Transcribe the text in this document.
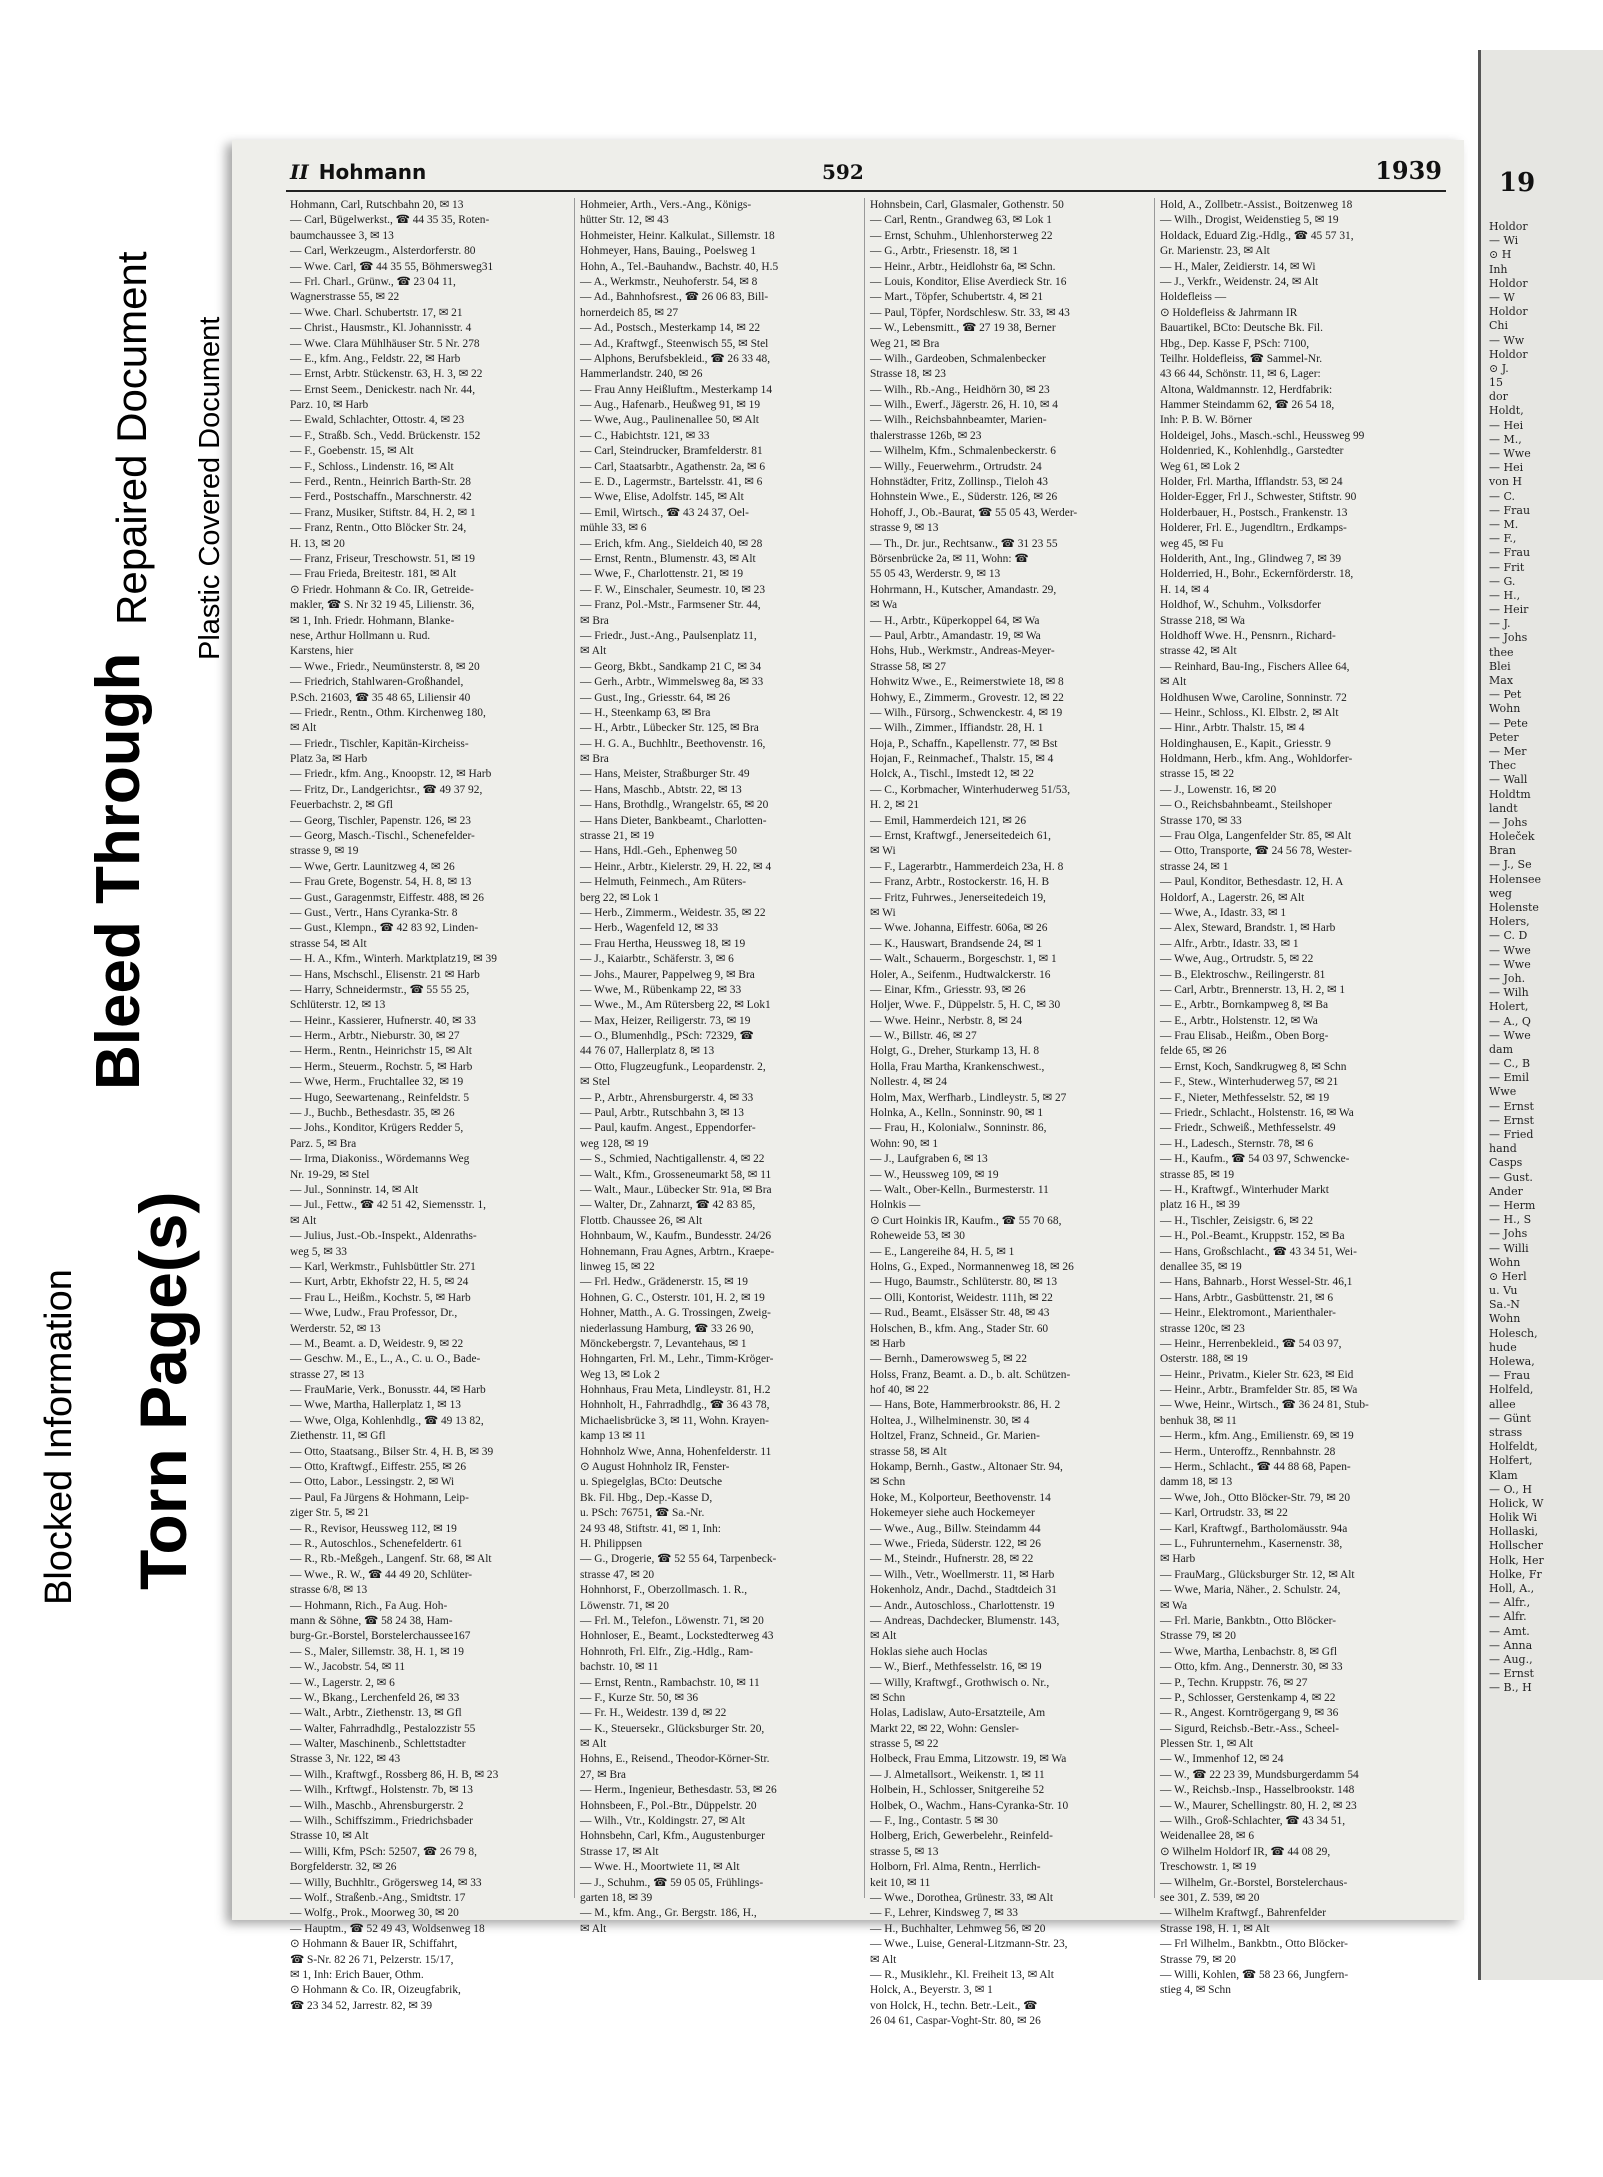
19
Holdor
— Wi
⊙ H
Inh
Holdor
— W
Holdor
Chi
— Ww
Holdor
⊙ J.
15
dor
Holdt,
— Hei
— M.,
— Wwe
— Hei
von H
— C.
— Frau
— M.
— F.,
— Frau
— Frit
— G.
— H.,
— Heir
— J.
— Johs
thee
Blei
Max
— Pet
Wohn
— Pete
Peter
— Mer
Thec
— Wall
Holdtm
landt
— Johs
Holeček
Bran
— J., Se
Holensee
weg
Holenste
Holers,
— C. D
— Wwe
— Wwe
— Joh.
— Wilh
Holert,
— A., Q
— Wwe
dam
— C., B
— Emil
Wwe
— Ernst
— Ernst
— Fried
hand
Casps
— Gust.
Ander
— Herm
— H., S
— Johs
— Willi
Wohn
⊙ Herl
u. Vu
Sa.-N
Wohn
Holesch,
hude
Holewa,
— Frau
Holfeld,
allee
— Günt
strass
Holfeldt,
Holfert,
Klam
— O., H
Holick, W
Holik Wi
Hollaski,
Hollscher
Holk, Her
Holke, Fr
Holl, A.,
— Alfr.,
— Alfr.
— Amt.
— Anna
— Aug.,
— Ernst
— B., H
II Hohmann	592	1939
Hohmann, Carl, Rutschbahn 20, ✉ 13
— Carl, Bügelwerkst., ☎ 44 35 35, Roten-
baumchaussee 3, ✉ 13
— Carl, Werkzeugm., Alsterdorferstr. 80
— Wwe. Carl, ☎ 44 35 55, Böhmersweg31
— Frl. Charl., Grünw., ☎ 23 04 11,
Wagnerstrasse 55, ✉ 22
— Wwe. Charl. Schubertstr. 17, ✉ 21
— Christ., Hausmstr., Kl. Johannisstr. 4
— Wwe. Clara Mühlhäuser Str. 5 Nr. 278
— E., kfm. Ang., Feldstr. 22, ✉ Harb
— Ernst, Arbtr. Stückenstr. 63, H. 3, ✉ 22
— Ernst Seem., Denickestr. nach Nr. 44,
Parz. 10, ✉ Harb
— Ewald, Schlachter, Ottostr. 4, ✉ 23
— F., Straßb. Sch., Vedd. Brückenstr. 152
— F., Goebenstr. 15, ✉ Alt
— F., Schloss., Lindenstr. 16, ✉ Alt
— Ferd., Rentn., Heinrich Barth-Str. 28
— Ferd., Postschaffn., Marschnerstr. 42
— Franz, Musiker, Stiftstr. 84, H. 2, ✉ 1
— Franz, Rentn., Otto Blöcker Str. 24,
H. 13, ✉ 20
— Franz, Friseur, Treschowstr. 51, ✉ 19
— Frau Frieda, Breitestr. 181, ✉ Alt
⊙ Friedr. Hohmann & Co. IR, Getreide-
makler, ☎ S. Nr 32 19 45, Lilienstr. 36,
✉ 1, Inh. Friedr. Hohmann, Blanke-
nese, Arthur Hollmann u. Rud.
Karstens, hier
— Wwe., Friedr., Neumünsterstr. 8, ✉ 20
— Friedrich, Stahlwaren-Großhandel,
P.Sch. 21603, ☎ 35 48 65, Liliensir 40
— Friedr., Rentn., Othm. Kirchenweg 180,
✉ Alt
— Friedr., Tischler, Kapitän-Kircheiss-
Platz 3a, ✉ Harb
— Friedr., kfm. Ang., Knoopstr. 12, ✉ Harb
— Fritz, Dr., Landgerichtsr., ☎ 49 37 92,
Feuerbachstr. 2, ✉ Gfl
— Georg, Tischler, Papenstr. 126, ✉ 23
— Georg, Masch.-Tischl., Schenefelder-
strasse 9, ✉ 19
— Wwe, Gertr. Launitzweg 4, ✉ 26
— Frau Grete, Bogenstr. 54, H. 8, ✉ 13
— Gust., Garagenmstr, Eiffestr. 488, ✉ 26
— Gust., Vertr., Hans Cyranka-Str. 8
— Gust., Klempn., ☎ 42 83 92, Linden-
strasse 54, ✉ Alt
— H. A., Kfm., Winterh. Marktplatz19, ✉ 39
— Hans, Mschschl., Elisenstr. 21 ✉ Harb
— Harry, Schneidermstr., ☎ 55 55 25,
Schlüterstr. 12, ✉ 13
— Heinr., Kassierer, Hufnerstr. 40, ✉ 33
— Herm., Arbtr., Nieburstr. 30, ✉ 27
— Herm., Rentn., Heinrichstr 15, ✉ Alt
— Herm., Steuerm., Rochstr. 5, ✉ Harb
— Wwe, Herm., Fruchtallee 32, ✉ 19
— Hugo, Seewartenang., Reinfeldstr. 5
— J., Buchb., Bethesdastr. 35, ✉ 26
— Johs., Konditor, Krügers Redder 5,
Parz. 5, ✉ Bra
— Irma, Diakoniss., Wördemanns Weg
Nr. 19-29, ✉ Stel
— Jul., Sonninstr. 14, ✉ Alt
— Jul., Fettw., ☎ 42 51 42, Siemensstr. 1,
✉ Alt
— Julius, Just.-Ob.-Inspekt., Aldenraths-
weg 5, ✉ 33
— Karl, Werkmstr., Fuhlsbüttler Str. 271
— Kurt, Arbtr, Ekhofstr 22, H. 5, ✉ 24
— Frau L., Heißm., Kochstr. 5, ✉ Harb
— Wwe, Ludw., Frau Professor, Dr.,
Werderstr. 52, ✉ 13
— M., Beamt. a. D, Weidestr. 9, ✉ 22
— Geschw. M., E., L., A., C. u. O., Bade-
strasse 27, ✉ 13
— FrauMarie, Verk., Bonusstr. 44, ✉ Harb
— Wwe, Martha, Hallerplatz 1, ✉ 13
— Wwe, Olga, Kohlenhdlg., ☎ 49 13 82,
Ziethenstr. 11, ✉ Gfl
— Otto, Staatsang., Bilser Str. 4, H. B, ✉ 39
— Otto, Kraftwgf., Eiffestr. 255, ✉ 26
— Otto, Labor., Lessingstr. 2, ✉ Wi
— Paul, Fa Jürgens & Hohmann, Leip-
ziger Str. 5, ✉ 21
— R., Revisor, Heussweg 112, ✉ 19
— R., Autoschlos., Schenefeldertr. 61
— R., Rb.-Meßgeh., Langenf. Str. 68, ✉ Alt
— Wwe., R. W., ☎ 44 49 20, Schlüter-
strasse 6/8, ✉ 13
— Hohmann, Rich., Fa Aug. Hoh-
mann & Söhne, ☎ 58 24 38, Ham-
burg-Gr.-Borstel, Borstelerchaussee167
— S., Maler, Sillemstr. 38, H. 1, ✉ 19
— W., Jacobstr. 54, ✉ 11
— W., Lagerstr. 2, ✉ 6
— W., Bkang., Lerchenfeld 26, ✉ 33
— Walt., Arbtr., Ziethenstr. 13, ✉ Gfl
— Walter, Fahrradhdlg., Pestalozzistr 55
— Walter, Maschinenb., Schlettstadter
Strasse 3, Nr. 122, ✉ 43
— Wilh., Kraftwgf., Rossberg 86, H. B, ✉ 23
— Wilh., Krftwgf., Holstenstr. 7b, ✉ 13
— Wilh., Maschb., Ahrensburgerstr. 2
— Wilh., Schiffszimm., Friedrichsbader
Strasse 10, ✉ Alt
— Willi, Kfm, PSch: 52507, ☎ 26 79 8,
Borgfelderstr. 32, ✉ 26
— Willy, Buchhltr., Grögersweg 14, ✉ 33
— Wolf., Straßenb.-Ang., Smidtstr. 17
— Wolfg., Prok., Moorweg 30, ✉ 20
— Hauptm., ☎ 52 49 43, Woldsenweg 18
⊙ Hohmann & Bauer IR, Schiffahrt,
☎ S-Nr. 82 26 71, Pelzerstr. 15/17,
✉ 1, Inh: Erich Bauer, Othm.
⊙ Hohmann & Co. IR, Oizeugfabrik,
☎ 23 34 52, Jarrestr. 82, ✉ 39
Hohmeier, Arth., Vers.-Ang., Königs-
hütter Str. 12, ✉ 43
Hohmeister, Heinr. Kalkulat., Sillemstr. 18
Hohmeyer, Hans, Bauing., Poelsweg 1
Hohn, A., Tel.-Bauhandw., Bachstr. 40, H.5
— A., Werkmstr., Neuhoferstr. 54, ✉ 8
— Ad., Bahnhofsrest., ☎ 26 06 83, Bill-
hornerdeich 85, ✉ 27
— Ad., Postsch., Mesterkamp 14, ✉ 22
— Ad., Kraftwgf., Steenwisch 55, ✉ Stel
— Alphons, Berufsbekleid., ☎ 26 33 48,
Hammerlandstr. 240, ✉ 26
— Frau Anny Heißluftm., Mesterkamp 14
— Aug., Hafenarb., Heußweg 91, ✉ 19
— Wwe, Aug., Paulinenallee 50, ✉ Alt
— C., Habichtstr. 121, ✉ 33
— Carl, Steindrucker, Bramfelderstr. 81
— Carl, Staatsarbtr., Agathenstr. 2a, ✉ 6
— E. D., Lagermstr., Bartelsstr. 41, ✉ 6
— Wwe, Elise, Adolfstr. 145, ✉ Alt
— Emil, Wirtsch., ☎ 43 24 37, Oel-
mühle 33, ✉ 6
— Erich, kfm. Ang., Sieldeich 40, ✉ 28
— Ernst, Rentn., Blumenstr. 43, ✉ Alt
— Wwe, F., Charlottenstr. 21, ✉ 19
— F. W., Einschaler, Seumestr. 10, ✉ 23
— Franz, Pol.-Mstr., Farmsener Str. 44,
✉ Bra
— Friedr., Just.-Ang., Paulsenplatz 11,
✉ Alt
— Georg, Bkbt., Sandkamp 21 C, ✉ 34
— Gerh., Arbtr., Wimmelsweg 8a, ✉ 33
— Gust., Ing., Griesstr. 64, ✉ 26
— H., Steenkamp 63, ✉ Bra
— H., Arbtr., Lübecker Str. 125, ✉ Bra
— H. G. A., Buchhltr., Beethovenstr. 16,
✉ Bra
— Hans, Meister, Straßburger Str. 49
— Hans, Maschb., Abtstr. 22, ✉ 13
— Hans, Brothdlg., Wrangelstr. 65, ✉ 20
— Hans Dieter, Bankbeamt., Charlotten-
strasse 21, ✉ 19
— Hans, Hdl.-Geh., Ephenweg 50
— Heinr., Arbtr., Kielerstr. 29, H. 22, ✉ 4
— Helmuth, Feinmech., Am Rüters-
berg 22, ✉ Lok 1
— Herb., Zimmerm., Weidestr. 35, ✉ 22
— Herb., Wagenfeld 12, ✉ 33
— Frau Hertha, Heussweg 18, ✉ 19
— J., Kaiarbtr., Schäferstr. 3, ✉ 6
— Johs., Maurer, Pappelweg 9, ✉ Bra
— Wwe, M., Rübenkamp 22, ✉ 33
— Wwe., M., Am Rütersberg 22, ✉ Lok1
— Max, Heizer, Reiligerstr. 73, ✉ 19
— O., Blumenhdlg., PSch: 72329, ☎
44 76 07, Hallerplatz 8, ✉ 13
— Otto, Flugzeugfunk., Leopardenstr. 2,
✉ Stel
— P., Arbtr., Ahrensburgerstr. 4, ✉ 33
— Paul, Arbtr., Rutschbahn 3, ✉ 13
— Paul, kaufm. Angest., Eppendorfer-
weg 128, ✉ 19
— S., Schmied, Nachtigallenstr. 4, ✉ 22
— Walt., Kfm., Grosseneumarkt 58, ✉ 11
— Walt., Maur., Lübecker Str. 91a, ✉ Bra
— Walter, Dr., Zahnarzt, ☎ 42 83 85,
Flottb. Chaussee 26, ✉ Alt
Hohnbaum, W., Kaufm., Bundesstr. 24/26
Hohnemann, Frau Agnes, Arbtrn., Kraepe-
linweg 15, ✉ 22
— Frl. Hedw., Grädenerstr. 15, ✉ 19
Hohnen, G. C., Osterstr. 101, H. 2, ✉ 19
Hohner, Matth., A. G. Trossingen, Zweig-
niederlassung Hamburg, ☎ 33 26 90,
Mönckebergstr. 7, Levantehaus, ✉ 1
Hohngarten, Frl. M., Lehr., Timm-Kröger-
Weg 13, ✉ Lok 2
Hohnhaus, Frau Meta, Lindleystr. 81, H.2
Hohnholt, H., Fahrradhdlg., ☎ 36 43 78,
Michaelisbrücke 3, ✉ 11, Wohn. Krayen-
kamp 13 ✉ 11
Hohnholz Wwe, Anna, Hohenfelderstr. 11
⊙ August Hohnholz IR, Fenster-
u. Spiegelglas, BCto: Deutsche
Bk. Fil. Hbg., Dep.-Kasse D,
u. PSch: 76751, ☎ Sa.-Nr.
24 93 48, Stiftstr. 41, ✉ 1, Inh:
H. Philippsen
— G., Drogerie, ☎ 52 55 64, Tarpenbeck-
strasse 47, ✉ 20
Hohnhorst, F., Oberzollmasch. 1. R.,
Löwenstr. 71, ✉ 20
— Frl. M., Telefon., Löwenstr. 71, ✉ 20
Hohnloser, E., Beamt., Lockstedterweg 43
Hohnroth, Frl. Elfr., Zig.-Hdlg., Ram-
bachstr. 10, ✉ 11
— Ernst, Rentn., Rambachstr. 10, ✉ 11
— F., Kurze Str. 50, ✉ 36
— Fr. H., Weidestr. 139 d, ✉ 22
— K., Steuersekr., Glücksburger Str. 20,
✉ Alt
Hohns, E., Reisend., Theodor-Körner-Str.
27, ✉ Bra
— Herm., Ingenieur, Bethesdastr. 53, ✉ 26
Hohnsbeen, F., Pol.-Btr., Düppelstr. 20
— Wilh., Vtr., Koldingstr. 27, ✉ Alt
Hohnsbehn, Carl, Kfm., Augustenburger
Strasse 17, ✉ Alt
— Wwe. H., Moortwiete 11, ✉ Alt
— J., Schuhm., ☎ 59 05 05, Frühlings-
garten 18, ✉ 39
— M., kfm. Ang., Gr. Bergstr. 186, H.,
✉ Alt
Hohnsbein, Carl, Glasmaler, Gothenstr. 50
— Carl, Rentn., Grandweg 63, ✉ Lok 1
— Ernst, Schuhm., Uhlenhorsterweg 22
— G., Arbtr., Friesenstr. 18, ✉ 1
— Heinr., Arbtr., Heidlohstr 6a, ✉ Schn.
— Louis, Konditor, Elise Averdieck Str. 16
— Mart., Töpfer, Schubertstr. 4, ✉ 21
— Paul, Töpfer, Nordschlesw. Str. 33, ✉ 43
— W., Lebensmitt., ☎ 27 19 38, Berner
Weg 21, ✉ Bra
— Wilh., Gardeoben, Schmalenbecker
Strasse 18, ✉ 23
— Wilh., Rb.-Ang., Heidhörn 30, ✉ 23
— Wilh., Ewerf., Jägerstr. 26, H. 10, ✉ 4
— Wilh., Reichsbahnbeamter, Marien-
thalerstrasse 126b, ✉ 23
— Wilhelm, Kfm., Schmalenbeckerstr. 6
— Willy., Feuerwehrm., Ortrudstr. 24
Hohnstädter, Fritz, Zollinsp., Tieloh 43
Hohnstein Wwe., E., Süderstr. 126, ✉ 26
Hohoff, J., Ob.-Baurat, ☎ 55 05 43, Werder-
strasse 9, ✉ 13
— Th., Dr. jur., Rechtsanw., ☎ 31 23 55
Börsenbrücke 2a, ✉ 11, Wohn: ☎
55 05 43, Werderstr. 9, ✉ 13
Hohrmann, H., Kutscher, Amandastr. 29,
✉ Wa
— H., Arbtr., Küperkoppel 64, ✉ Wa
— Paul, Arbtr., Amandastr. 19, ✉ Wa
Hohs, Hub., Werkmstr., Andreas-Meyer-
Strasse 58, ✉ 27
Hohwitz Wwe., E., Reimerstwiete 18, ✉ 8
Hohwy, E., Zimmerm., Grovestr. 12, ✉ 22
— Wilh., Fürsorg., Schwenckestr. 4, ✉ 19
— Wilh., Zimmer., Iffiandstr. 28, H. 1
Hoja, P., Schaffn., Kapellenstr. 77, ✉ Bst
Hojan, F., Reinmachef., Thalstr. 15, ✉ 4
Holck, A., Tischl., Imstedt 12, ✉ 22
— C., Korbmacher, Winterhuderweg 51/53,
H. 2, ✉ 21
— Emil, Hammerdeich 121, ✉ 26
— Ernst, Kraftwgf., Jenerseitedeich 61,
✉ Wi
— F., Lagerarbtr., Hammerdeich 23a, H. 8
— Franz, Arbtr., Rostockerstr. 16, H. B
— Fritz, Fuhrwes., Jenerseitedeich 19,
✉ Wi
— Wwe. Johanna, Eiffestr. 606a, ✉ 26
— K., Hauswart, Brandsende 24, ✉ 1
— Walt., Schauerm., Borgeschstr. 1, ✉ 1
Holer, A., Seifenm., Hudtwalckerstr. 16
— Einar, Kfm., Griesstr. 93, ✉ 26
Holjer, Wwe. F., Düppelstr. 5, H. C, ✉ 30
— Wwe. Heinr., Nerbstr. 8, ✉ 24
— W., Billstr. 46, ✉ 27
Holgt, G., Dreher, Sturkamp 13, H. 8
Holla, Frau Martha, Krankenschwest.,
Nollestr. 4, ✉ 24
Holm, Max, Werfharb., Lindleystr. 5, ✉ 27
Holnka, A., Kelln., Sonninstr. 90, ✉ 1
— Frau, H., Kolonialw., Sonninstr. 86,
Wohn: 90, ✉ 1
— J., Laufgraben 6, ✉ 13
— W., Heussweg 109, ✉ 19
— Walt., Ober-Kelln., Burmesterstr. 11
Holnkis —
⊙ Curt Hoinkis IR, Kaufm., ☎ 55 70 68,
Roheweide 53, ✉ 30
— E., Langereihe 84, H. 5, ✉ 1
Holns, G., Exped., Normannenweg 18, ✉ 26
— Hugo, Baumstr., Schlüterstr. 80, ✉ 13
— Olli, Kontorist, Weidestr. 111h, ✉ 22
— Rud., Beamt., Elsässer Str. 48, ✉ 43
Holschen, B., kfm. Ang., Stader Str. 60
✉ Harb
— Bernh., Damerowsweg 5, ✉ 22
Holss, Franz, Beamt. a. D., b. alt. Schützen-
hof 40, ✉ 22
— Hans, Bote, Hammerbrookstr. 86, H. 2
Holtea, J., Wilhelminenstr. 30, ✉ 4
Holtzel, Franz, Schneid., Gr. Marien-
strasse 58, ✉ Alt
Hokamp, Bernh., Gastw., Altonaer Str. 94,
✉ Schn
Hoke, M., Kolporteur, Beethovenstr. 14
Hokemeyer siehe auch Hockemeyer
— Wwe., Aug., Billw. Steindamm 44
— Wwe., Frieda, Süderstr. 122, ✉ 26
— M., Steindr., Hufnerstr. 28, ✉ 22
— Wilh., Vetr., Woellmerstr. 11, ✉ Harb
Hokenholz, Andr., Dachd., Stadtdeich 31
— Andr., Autoschloss., Charlottenstr. 19
— Andreas, Dachdecker, Blumenstr. 143,
✉ Alt
Hoklas siehe auch Hoclas
— W., Bierf., Methfesselstr. 16, ✉ 19
— Willy, Kraftwgf., Grothwisch o. Nr.,
✉ Schn
Holas, Ladislaw, Auto-Ersatzteile, Am
Markt 22, ✉ 22, Wohn: Gensler-
strasse 5, ✉ 22
Holbeck, Frau Emma, Litzowstr. 19, ✉ Wa
— J. Almetallsort., Weikenstr. 1, ✉ 11
Holbein, H., Schlosser, Snitgereihe 52
Holbek, O., Wachm., Hans-Cyranka-Str. 10
— F., Ing., Contastr. 5 ✉ 30
Holberg, Erich, Gewerbelehr., Reinfeld-
strasse 5, ✉ 13
Holborn, Frl. Alma, Rentn., Herrlich-
keit 10, ✉ 11
— Wwe., Dorothea, Grünestr. 33, ✉ Alt
— F., Lehrer, Kindsweg 7, ✉ 33
— H., Buchhalter, Lehmweg 56, ✉ 20
— Wwe., Luise, General-Litzmann-Str. 23,
✉ Alt
— R., Musiklehr., Kl. Freiheit 13, ✉ Alt
Holck, A., Beyerstr. 3, ✉ 1
von Holck, H., techn. Betr.-Leit., ☎
26 04 61, Caspar-Voght-Str. 80, ✉ 26
Hold, A., Zollbetr.-Assist., Boitzenweg 18
— Wilh., Drogist, Weidenstieg 5, ✉ 19
Holdack, Eduard Zig.-Hdlg., ☎ 45 57 31,
Gr. Marienstr. 23, ✉ Alt
— H., Maler, Zeidierstr. 14, ✉ Wi
— J., Verkfr., Weidenstr. 24, ✉ Alt
Holdefleiss —
⊙ Holdefleiss & Jahrmann IR
Bauartikel, BCto: Deutsche Bk. Fil.
Hbg., Dep. Kasse F, PSch: 7100,
Teilhr. Holdefleiss, ☎ Sammel-Nr.
43 66 44, Schönstr. 11, ✉ 6, Lager:
Altona, Waldmannstr. 12, Herdfabrik:
Hammer Steindamm 62, ☎ 26 54 18,
Inh: P. B. W. Börner
Holdeigel, Johs., Masch.-schl., Heussweg 99
Holdenried, K., Kohlenhdlg., Garstedter
Weg 61, ✉ Lok 2
Holder, Frl. Martha, Ifflandstr. 53, ✉ 24
Holder-Egger, Frl J., Schwester, Stiftstr. 90
Holderbauer, H., Postsch., Frankenstr. 13
Holderer, Frl. E., Jugendltrn., Erdkamps-
weg 45, ✉ Fu
Holderith, Ant., Ing., Glindweg 7, ✉ 39
Holderried, H., Bohr., Eckernförderstr. 18,
H. 14, ✉ 4
Holdhof, W., Schuhm., Volksdorfer
Strasse 218, ✉ Wa
Holdhoff Wwe. H., Pensnrn., Richard-
strasse 42, ✉ Alt
— Reinhard, Bau-Ing., Fischers Allee 64,
✉ Alt
Holdhusen Wwe, Caroline, Sonninstr. 72
— Heinr., Schloss., Kl. Elbstr. 2, ✉ Alt
— Hinr., Arbtr. Thalstr. 15, ✉ 4
Holdinghausen, E., Kapit., Griesstr. 9
Holdmann, Herb., kfm. Ang., Wohldorfer-
strasse 15, ✉ 22
— J., Lowenstr. 16, ✉ 20
— O., Reichsbahnbeamt., Steilshoper
Strasse 170, ✉ 33
— Frau Olga, Langenfelder Str. 85, ✉ Alt
— Otto, Transporte, ☎ 24 56 78, Wester-
strasse 24, ✉ 1
— Paul, Konditor, Bethesdastr. 12, H. A
Holdorf, A., Lagerstr. 26, ✉ Alt
— Wwe, A., Idastr. 33, ✉ 1
— Alex, Steward, Brandstr. 1, ✉ Harb
— Alfr., Arbtr., Idastr. 33, ✉ 1
— Wwe, Aug., Ortrudstr. 5, ✉ 22
— B., Elektroschw., Reilingerstr. 81
— Carl, Arbtr., Brennerstr. 13, H. 2, ✉ 1
— E., Arbtr., Bornkampweg 8, ✉ Ba
— E., Arbtr., Holstenstr. 12, ✉ Wa
— Frau Elisab., Heißm., Oben Borg-
felde 65, ✉ 26
— Ernst, Koch, Sandkrugweg 8, ✉ Schn
— F., Stew., Winterhuderweg 57, ✉ 21
— F., Nieter, Methfesselstr. 52, ✉ 19
— Friedr., Schlacht., Holstenstr. 16, ✉ Wa
— Friedr., Schweiß., Methfesselstr. 49
— H., Ladesch., Sternstr. 78, ✉ 6
— H., Kaufm., ☎ 54 03 97, Schwencke-
strasse 85, ✉ 19
— H., Kraftwgf., Winterhuder Markt
platz 16 H., ✉ 39
— H., Tischler, Zeisigstr. 6, ✉ 22
— H., Pol.-Beamt., Kruppstr. 152, ✉ Ba
— Hans, Großschlacht., ☎ 43 34 51, Wei-
denallee 35, ✉ 19
— Hans, Bahnarb., Horst Wessel-Str. 46,1
— Hans, Arbtr., Gasbüttenstr. 21, ✉ 6
— Heinr., Elektromont., Marienthaler-
strasse 120c, ✉ 23
— Heinr., Herrenbekleid., ☎ 54 03 97,
Osterstr. 188, ✉ 19
— Heinr., Privatm., Kieler Str. 623, ✉ Eid
— Heinr., Arbtr., Bramfelder Str. 85, ✉ Wa
— Wwe, Heinr., Wirtsch., ☎ 36 24 81, Stub-
benhuk 38, ✉ 11
— Herm., kfm. Ang., Emilienstr. 69, ✉ 19
— Herm., Unteroffz., Rennbahnstr. 28
— Herm., Schlacht., ☎ 44 88 68, Papen-
damm 18, ✉ 13
— Wwe, Joh., Otto Blöcker-Str. 79, ✉ 20
— Karl, Ortrudstr. 33, ✉ 22
— Karl, Kraftwgf., Bartholomäusstr. 94a
— L., Fuhrunternehm., Kasernenstr. 38,
✉ Harb
— FrauMarg., Glücksburger Str. 12, ✉ Alt
— Wwe, Maria, Näher., 2. Schulstr. 24,
✉ Wa
— Frl. Marie, Bankbtn., Otto Blöcker-
Strasse 79, ✉ 20
— Wwe, Martha, Lenbachstr. 8, ✉ Gfl
— Otto, kfm. Ang., Dennerstr. 30, ✉ 33
— P., Techn. Kruppstr. 76, ✉ 27
— P., Schlosser, Gerstenkamp 4, ✉ 22
— R., Angest. Korntrögergang 9, ✉ 36
— Sigurd, Reichsb.-Betr.-Ass., Scheel-
Plessen Str. 1, ✉ Alt
— W., Immenhof 12, ✉ 24
— W., ☎ 22 23 39, Mundsburgerdamm 54
— W., Reichsb.-Insp., Hasselbrookstr. 148
— W., Maurer, Schellingstr. 80, H. 2, ✉ 23
— Wilh., Groß-Schlachter, ☎ 43 34 51,
Weidenallee 28, ✉ 6
⊙ Wilhelm Holdorf IR, ☎ 44 08 29,
Treschowstr. 1, ✉ 19
— Wilhelm, Gr.-Borstel, Borstelerchaus-
see 301, Z. 539, ✉ 20
— Wilhelm Kraftwgf., Bahrenfelder
Strasse 198, H. 1, ✉ Alt
— Frl Wilhelm., Bankbtn., Otto Blöcker-
Strasse 79, ✉ 20
— Willi, Kohlen, ☎ 58 23 66, Jungfern-
stieg 4, ✉ Schn
Plastic Covered Document
Repaired Document
Bleed Through
Torn Page(s)
Blocked Information
